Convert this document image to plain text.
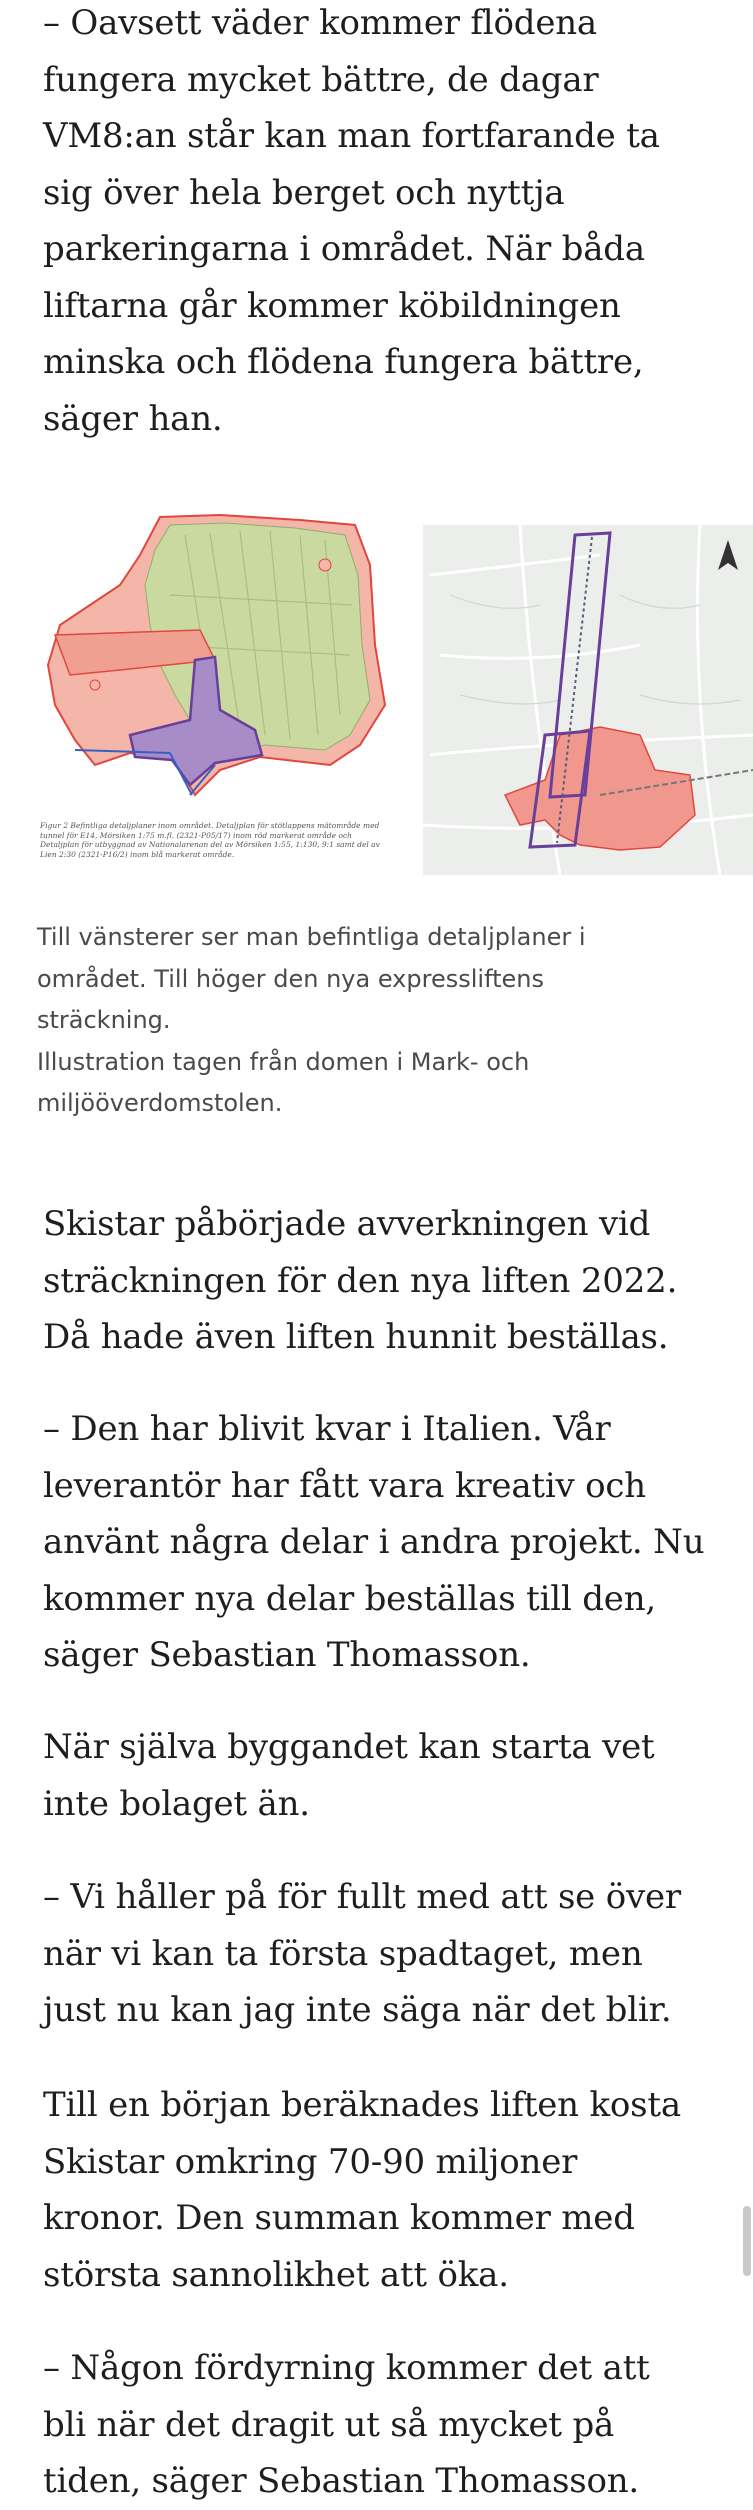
– Oavsett väder kommer flödena
fungera mycket bättre, de dagar
VM8:an står kan man fortfarande ta
sig över hela berget och nyttja
parkeringarna i området. När båda
liftarna går kommer köbildningen
minska och flödena fungera bättre,
säger han.

Figur 2 Befintliga detaljplaner inom området. Detaljplan för stötlappens mätområde med tunnel för E14, Mörsiken 1:75 m.fl. (2321-P05/17) inom röd markerat område och Detaljplan för utbyggnad av Nationalarenan del av Mörsiken 1:55, 1:130, 9:1 samt del av Lien 2:30 (2321-P16/2) inom blå markerat område.

Till vänsterer ser man befintliga detaljplaner i
området. Till höger den nya expressliftens
sträckning.
Illustration tagen från domen i Mark- och
miljööverdomstolen.

Skistar påbörjade avverkningen vid
sträckningen för den nya liften 2022.
Då hade även liften hunnit beställas.

– Den har blivit kvar i Italien. Vår
leverantör har fått vara kreativ och
använt några delar i andra projekt. Nu
kommer nya delar beställas till den,
säger Sebastian Thomasson.

När själva byggandet kan starta vet
inte bolaget än.

– Vi håller på för fullt med att se över
när vi kan ta första spadtaget, men
just nu kan jag inte säga när det blir.

Till en början beräknades liften kosta
Skistar omkring 70-90 miljoner
kronor. Den summan kommer med
största sannolikhet att öka.

– Någon fördyrning kommer det att
bli när det dragit ut så mycket på
tiden, säger Sebastian Thomasson.
